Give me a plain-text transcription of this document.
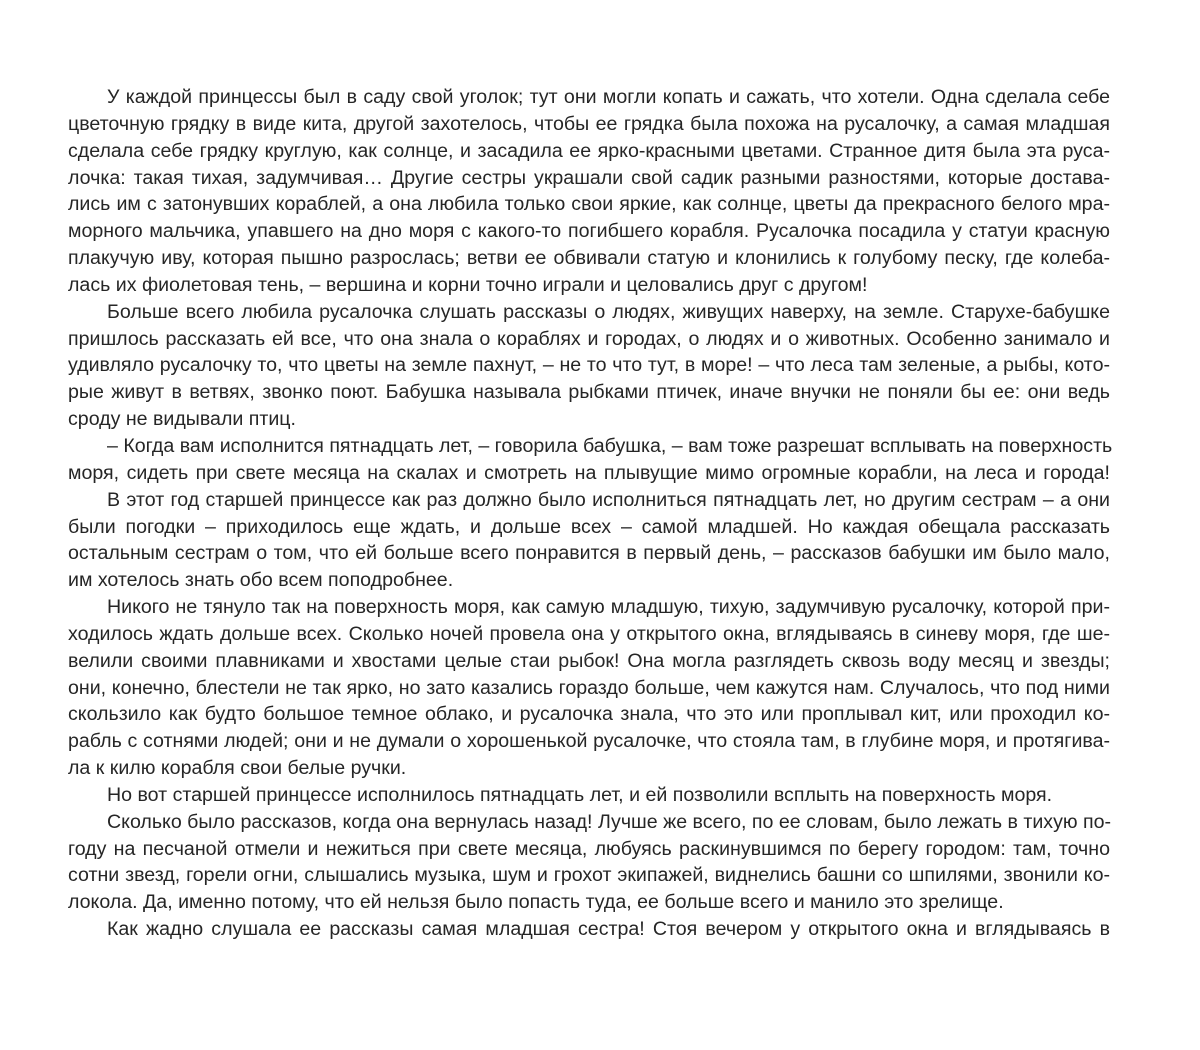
У каждой принцессы был в саду свой уголок; тут они могли копать и сажать, что хотели. Одна сделала себе
цветочную грядку в виде кита, другой захотелось, чтобы ее грядка была похожа на русалочку, а самая младшая
сделала себе грядку круглую, как солнце, и засадила ее ярко-красными цветами. Странное дитя была эта руса-
лочка: такая тихая, задумчивая… Другие сестры украшали свой садик разными разностями, которые достава-
лись им с затонувших кораблей, а она любила только свои яркие, как солнце, цветы да прекрасного белого мра-
морного мальчика, упавшего на дно моря с какого-то погибшего корабля. Русалочка посадила у статуи красную
плакучую иву, которая пышно разрослась; ветви ее обвивали статую и клонились к голубому песку, где колеба-
лась их фиолетовая тень, – вершина и корни точно играли и целовались друг с другом!
Больше всего любила русалочка слушать рассказы о людях, живущих наверху, на земле. Старухе-бабушке
пришлось рассказать ей все, что она знала о кораблях и городах, о людях и о животных. Особенно занимало и
удивляло русалочку то, что цветы на земле пахнут, – не то что тут, в море! – что леса там зеленые, а рыбы, кото-
рые живут в ветвях, звонко поют. Бабушка называла рыбками птичек, иначе внучки не поняли бы ее: они ведь
сроду не видывали птиц.
– Когда вам исполнится пятнадцать лет, – говорила бабушка, – вам тоже разрешат всплывать на поверхность
моря, сидеть при свете месяца на скалах и смотреть на плывущие мимо огромные корабли, на леса и города!
В этот год старшей принцессе как раз должно было исполниться пятнадцать лет, но другим сестрам – а они
были погодки – приходилось еще ждать, и дольше всех – самой младшей. Но каждая обещала рассказать
остальным сестрам о том, что ей больше всего понравится в первый день, – рассказов бабушки им было мало,
им хотелось знать обо всем поподробнее.
Никого не тянуло так на поверхность моря, как самую младшую, тихую, задумчивую русалочку, которой при-
ходилось ждать дольше всех. Сколько ночей провела она у открытого окна, вглядываясь в синеву моря, где ше-
велили своими плавниками и хвостами целые стаи рыбок! Она могла разглядеть сквозь воду месяц и звезды;
они, конечно, блестели не так ярко, но зато казались гораздо больше, чем кажутся нам. Случалось, что под ними
скользило как будто большое темное облако, и русалочка знала, что это или проплывал кит, или проходил ко-
рабль с сотнями людей; они и не думали о хорошенькой русалочке, что стояла там, в глубине моря, и протягива-
ла к килю корабля свои белые ручки.
Но вот старшей принцессе исполнилось пятнадцать лет, и ей позволили всплыть на поверхность моря.
Сколько было рассказов, когда она вернулась назад! Лучше же всего, по ее словам, было лежать в тихую по-
году на песчаной отмели и нежиться при свете месяца, любуясь раскинувшимся по берегу городом: там, точно
сотни звезд, горели огни, слышались музыка, шум и грохот экипажей, виднелись башни со шпилями, звонили ко-
локола. Да, именно потому, что ей нельзя было попасть туда, ее больше всего и манило это зрелище.
Как жадно слушала ее рассказы самая младшая сестра! Стоя вечером у открытого окна и вглядываясь в
